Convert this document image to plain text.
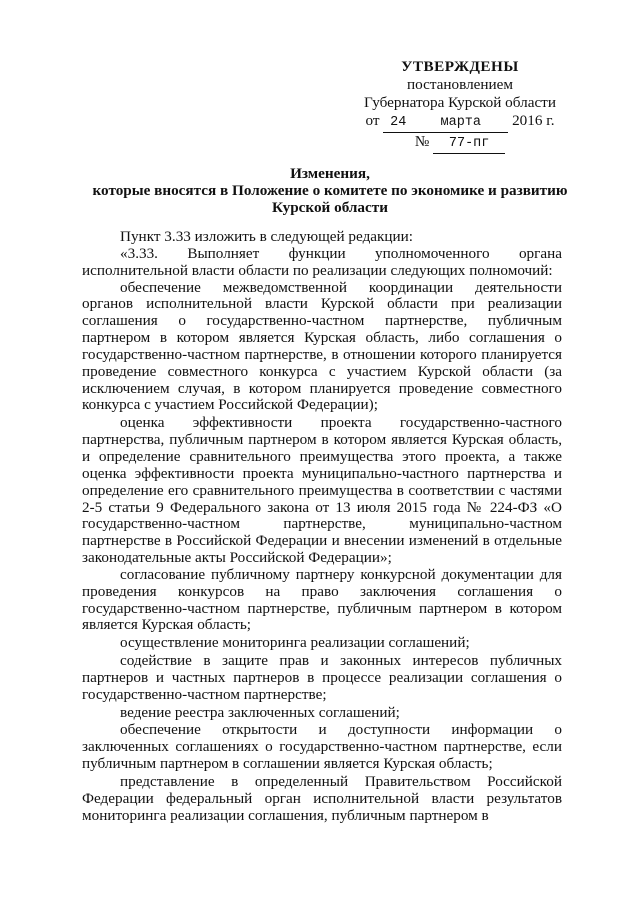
УТВЕРЖДЕНЫ
постановлением
Губернатора Курской области
от 24	марта 2016 г.
№ 77-пг
Изменения,
которые вносятся в Положение о комитете по экономике и развитию
Курской области

Пункт 3.33 изложить в следующей редакции:

«3.33. Выполняет функции уполномоченного органа исполнительной власти области по реализации следующих полномочий:

обеспечение межведомственной координации деятельности органов исполнительной власти Курской области при реализации соглашения о государственно-частном партнерстве, публичным партнером в котором является Курская область, либо соглашения о государственно-частном партнерстве, в отношении которого планируется проведение совместного конкурса с участием Курской области (за исключением случая, в котором планируется проведение совместного конкурса с участием Российской Федерации);

оценка эффективности проекта государственно-частного партнерства, публичным партнером в котором является Курская область, и определение сравнительного преимущества этого проекта, а также оценка эффективности проекта муниципально-частного партнерства и определение его сравнительного преимущества в соответствии с частями 2-5 статьи 9 Федерального закона от 13 июля 2015 года № 224-ФЗ «О государственно-частном партнерстве, муниципально-частном партнерстве в Российской Федерации и внесении изменений в отдельные законодательные акты Российской Федерации»;

согласование публичному партнеру конкурсной документации для проведения конкурсов на право заключения соглашения о государственно-частном партнерстве, публичным партнером в котором является Курская область;

осуществление мониторинга реализации соглашений;

содействие в защите прав и законных интересов публичных партнеров и частных партнеров в процессе реализации соглашения о государственно-частном партнерстве;

ведение реестра заключенных соглашений;

обеспечение открытости и доступности информации о заключенных соглашениях о государственно-частном партнерстве, если публичным партнером в соглашении является Курская область;

представление в определенный Правительством Российской Федерации федеральный орган исполнительной власти результатов мониторинга реализации соглашения, публичным партнером в
